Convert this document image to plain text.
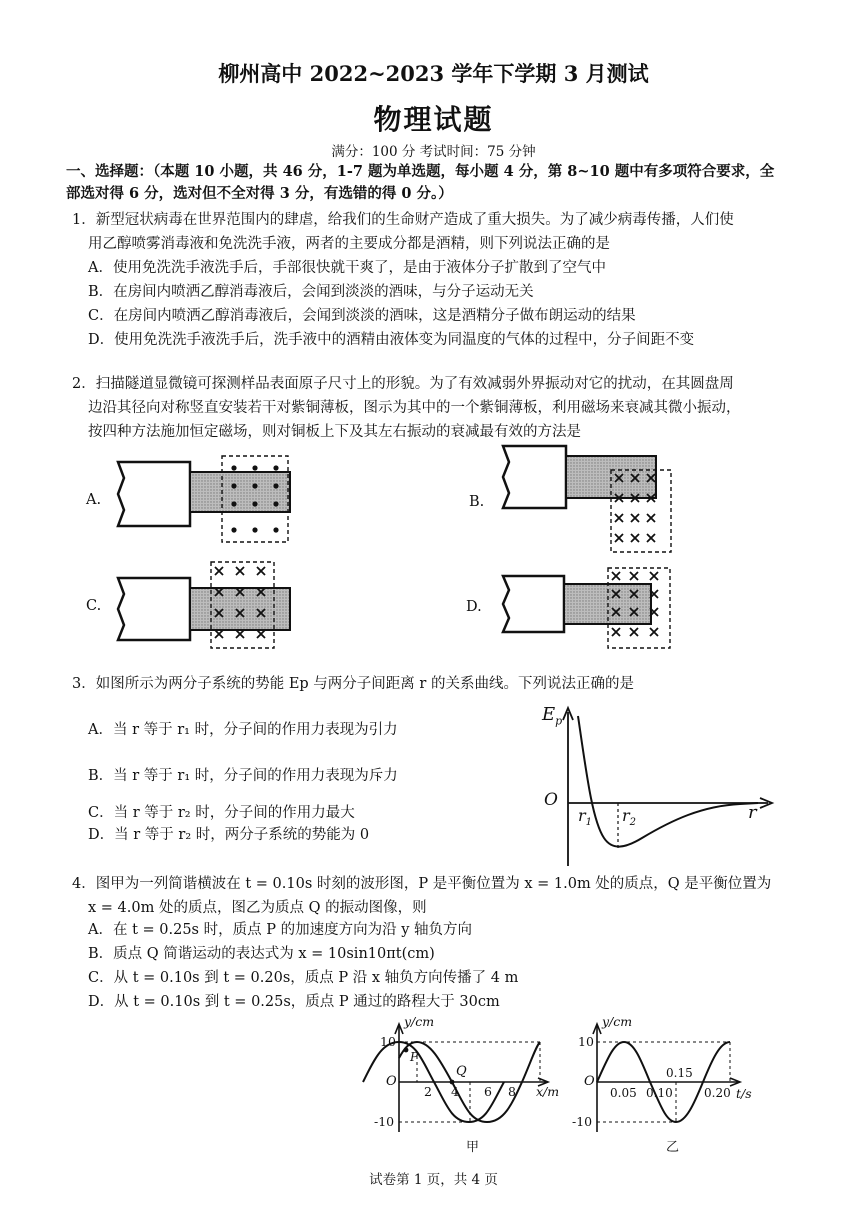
柳州高中 2022~2023 学年下学期 3 月测试
物理试题
满分：100 分 考试时间：75 分钟
一、选择题：（本题 10 小题，共 46 分，1-7 题为单选题，每小题 4 分，第 8~10 题中有多项符合要求，全
部选对得 6 分，选对但不全对得 3 分，有选错的得 0 分。）
1．新型冠状病毒在世界范围内的肆虐，给我们的生命财产造成了重大损失。为了减少病毒传播，人们使
用乙醇喷雾消毒液和免洗洗手液，两者的主要成分都是酒精，则下列说法正确的是
A．使用免洗洗手液洗手后，手部很快就干爽了，是由于液体分子扩散到了空气中
B．在房间内喷洒乙醇消毒液后，会闻到淡淡的酒味，与分子运动无关
C．在房间内喷洒乙醇消毒液后，会闻到淡淡的酒味，这是酒精分子做布朗运动的结果
D．使用免洗洗手液洗手后，洗手液中的酒精由液体变为同温度的气体的过程中，分子间距不变
2．扫描隧道显微镜可探测样品表面原子尺寸上的形貌。为了有效减弱外界振动对它的扰动，在其圆盘周
边沿其径向对称竖直安装若干对紫铜薄板，图示为其中的一个紫铜薄板，利用磁场来衰减其微小振动，
按四种方法施加恒定磁场，则对铜板上下及其左右振动的衰减最有效的方法是
A.	B.
C.	D.
3．如图所示为两分子系统的势能 Ep 与两分子间距离 r 的关系曲线。下列说法正确的是
A．当 r 等于 r₁ 时，分子间的作用力表现为引力
B．当 r 等于 r₁ 时，分子间的作用力表现为斥力
C．当 r 等于 r₂ 时，分子间的作用力最大
D．当 r 等于 r₂ 时，两分子系统的势能为 0
$E_p$
O
r
$r_1$ $r_2$
4．图甲为一列简谐横波在 t = 0.10s 时刻的波形图，P 是平衡位置为 x = 1.0m 处的质点，Q 是平衡位置为
x = 4.0m 处的质点，图乙为质点 Q 的振动图像，则
A．在 t = 0.25s 时，质点 P 的加速度方向为沿 y 轴负方向
B．质点 Q 简谐运动的表达式为 x = 10sin10πt(cm)
C．从 t = 0.10s 到 t = 0.20s，质点 P 沿 x 轴负方向传播了 4 m
D．从 t = 0.10s 到 t = 0.25s，质点 P 通过的路程大于 30cm
y/cm
10
-10
O
P
Q
2 4 6 8 x/m
甲
y/cm
10
-10
O
0.05 0.10
0.15
0.20 t/s
乙
试卷第 1 页，共 4 页
